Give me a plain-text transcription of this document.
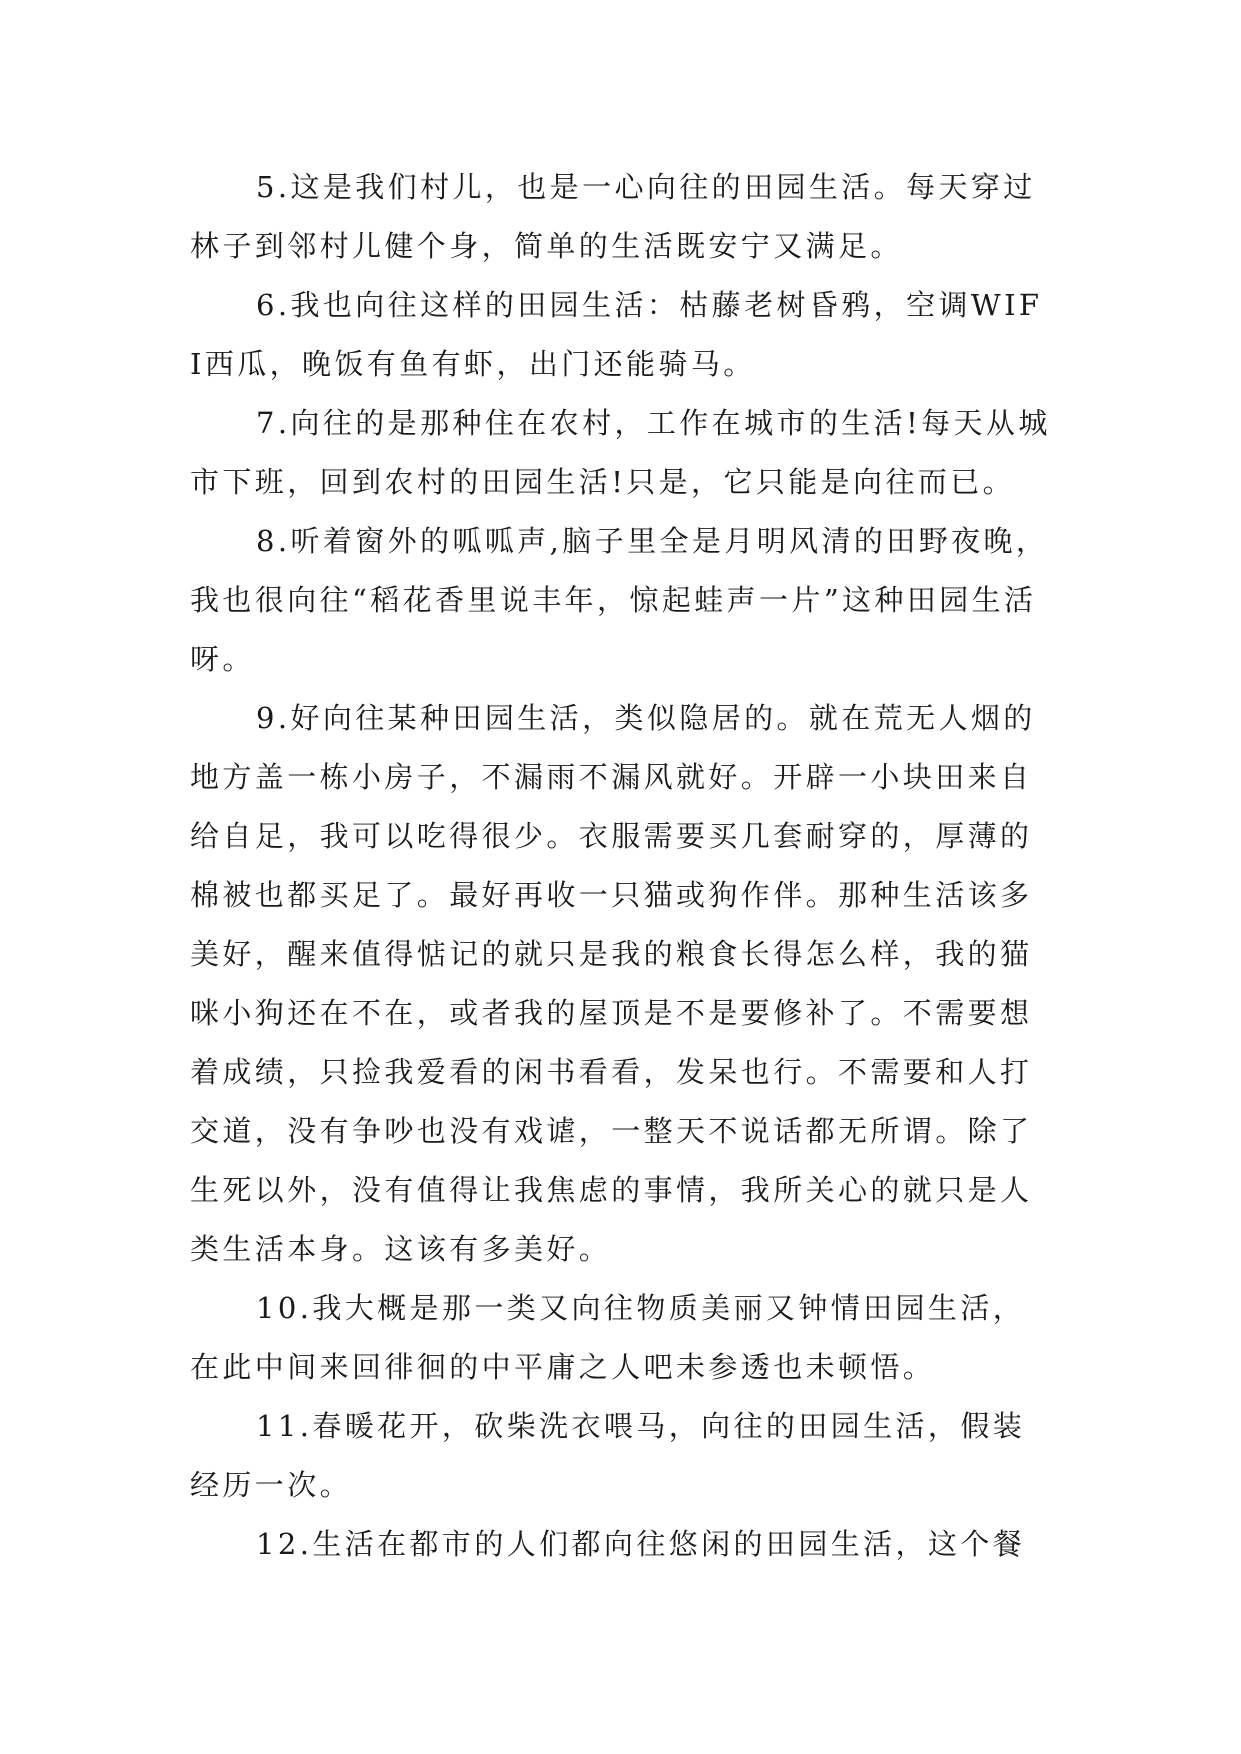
5.这是我们村儿，也是一心向往的田园生活。每天穿过林子到邻村儿健个身，简单的生活既安宁又满足。

6.我也向往这样的田园生活：枯藤老树昏鸦，空调WIFI西瓜，晚饭有鱼有虾，出门还能骑马。

7.向往的是那种住在农村，工作在城市的生活!每天从城市下班，回到农村的田园生活!只是，它只能是向往而已。

8.听着窗外的呱呱声,脑子里全是月明风清的田野夜晚，我也很向往“稻花香里说丰年，惊起蛙声一片”这种田园生活呀。

9.好向往某种田园生活，类似隐居的。就在荒无人烟的地方盖一栋小房子，不漏雨不漏风就好。开辟一小块田来自给自足，我可以吃得很少。衣服需要买几套耐穿的，厚薄的棉被也都买足了。最好再收一只猫或狗作伴。那种生活该多美好，醒来值得惦记的就只是我的粮食长得怎么样，我的猫咪小狗还在不在，或者我的屋顶是不是要修补了。不需要想着成绩，只捡我爱看的闲书看看，发呆也行。不需要和人打交道，没有争吵也没有戏谑，一整天不说话都无所谓。除了生死以外，没有值得让我焦虑的事情，我所关心的就只是人类生活本身。这该有多美好。

10.我大概是那一类又向往物质美丽又钟情田园生活，在此中间来回徘徊的中平庸之人吧未参透也未顿悟。

11.春暖花开，砍柴洗衣喂马，向往的田园生活，假装经历一次。

12.生活在都市的人们都向往悠闲的田园生活，这个餐
